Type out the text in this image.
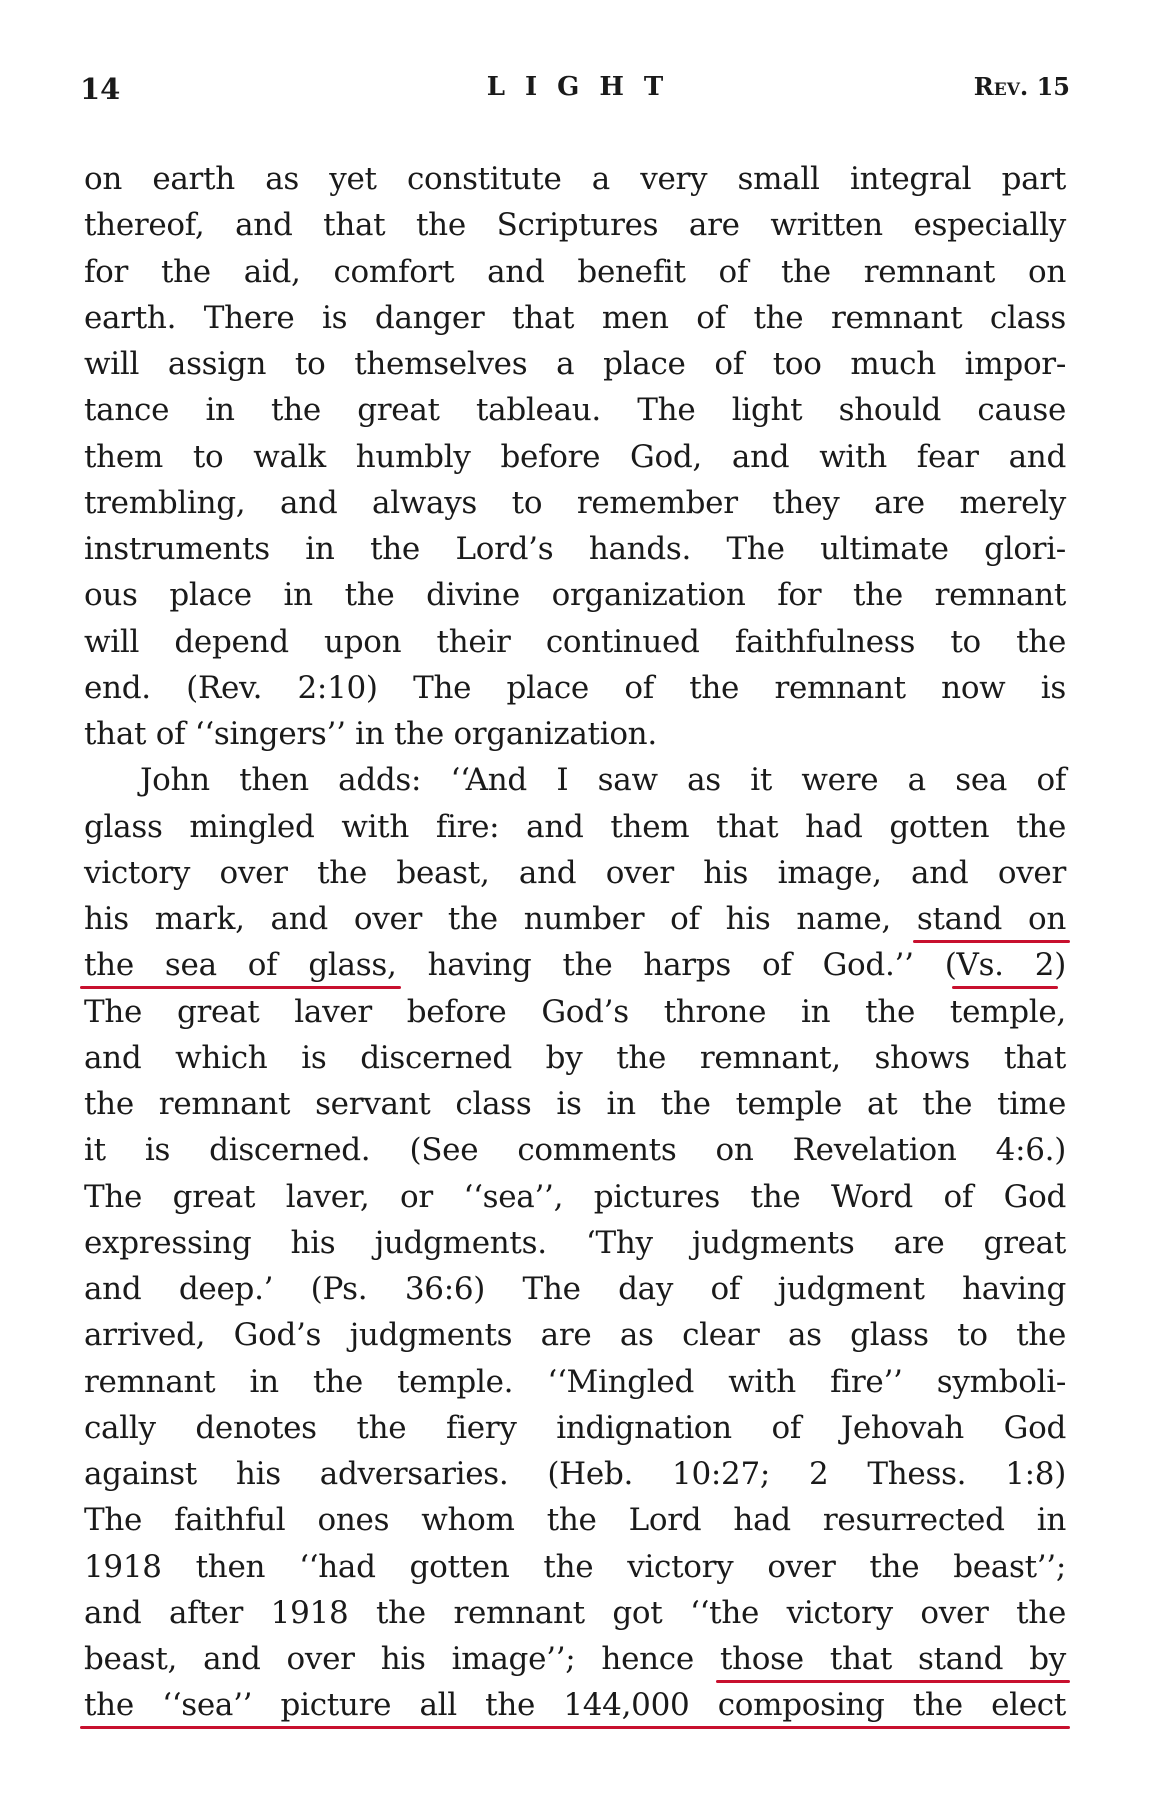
14	LIGHT	Rev. 15
on earth as yet constitute a very small integral part
thereof, and that the Scriptures are written especially
for the aid, comfort and benefit of the remnant on
earth. There is danger that men of the remnant class
will assign to themselves a place of too much impor-
tance in the great tableau. The light should cause
them to walk humbly before God, and with fear and
trembling, and always to remember they are merely
instruments in the Lord’s hands. The ultimate glori-
ous place in the divine organization for the remnant
will depend upon their continued faithfulness to the
end. (Rev. 2:10) The place of the remnant now is
that of ‘‘singers’’ in the organization.
John then adds: ‘‘And I saw as it were a sea of
glass mingled with fire: and them that had gotten the
victory over the beast, and over his image, and over
his mark, and over the number of his name, stand on
the sea of glass, having the harps of God.’’ (Vs. 2)
The great laver before God’s throne in the temple,
and which is discerned by the remnant, shows that
the remnant servant class is in the temple at the time
it is discerned. (See comments on Revelation 4:6.)
The great laver, or ‘‘sea’’, pictures the Word of God
expressing his judgments. ‘Thy judgments are great
and deep.’ (Ps. 36:6) The day of judgment having
arrived, God’s judgments are as clear as glass to the
remnant in the temple. ‘‘Mingled with fire’’ symboli-
cally denotes the fiery indignation of Jehovah God
against his adversaries. (Heb. 10:27; 2 Thess. 1:8)
The faithful ones whom the Lord had resurrected in
1918 then ‘‘had gotten the victory over the beast’’;
and after 1918 the remnant got ‘‘the victory over the
beast, and over his image’’; hence those that stand by
the ‘‘sea’’ picture all the 144,000 composing the elect
